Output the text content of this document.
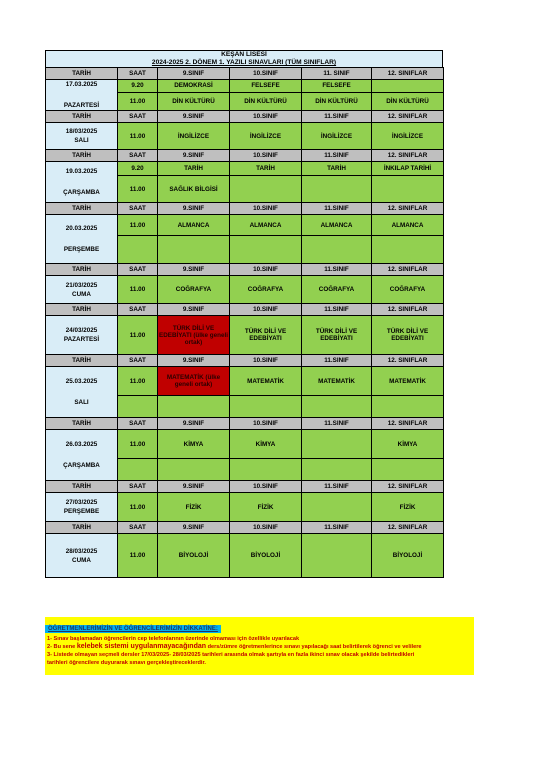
KEŞAN LİSESİ
2024-2025 2. DÖNEM 1. YAZILI SINAVLARI (TÜM SINIFLAR)
TARİH	SAAT	9.SINIF	10.SINIF	11. SINIF	12. SINIFLAR

17.03.2025
PAZARTESİ	9.20	DEMOKRASİ	FELSEFE	FELSEFE	
	11.00	DİN KÜLTÜRÜ	DİN KÜLTÜRÜ	DİN KÜLTÜRÜ	DİN KÜLTÜRÜ
TARİH	SAAT	9.SINIF	10.SINIF	11.SINIF	12. SINIFLAR

18/03/2025
SALI	11.00	İNGİLİZCE	İNGİLİZCE	İNGİLİZCE	İNGİLİZCE
TARİH	SAAT	9.SINIF	10.SINIF	11.SINIF	12. SINIFLAR

19.03.2025
ÇARŞAMBA	9.20	TARİH	TARİH	TARİH	İNKILAP TARİHİ
	11.00	SAĞLIK BİLGİSİ			
TARİH	SAAT	9.SINIF	10.SINIF	11.SINIF	12. SINIFLAR

20.03.2025
PERŞEMBE	11.00	ALMANCA	ALMANCA	ALMANCA	ALMANCA

TARİH	SAAT	9.SINIF	10.SINIF	11.SINIF	12. SINIFLAR

21/03/2025
CUMA	11.00	COĞRAFYA	COĞRAFYA	COĞRAFYA	COĞRAFYA
TARİH	SAAT	9.SINIF	10.SINIF	11.SINIF	12. SINIFLAR

24/03/2025
PAZARTESİ	11.00	TÜRK DİLİ VE EDEBİYATI (ülke geneli ortak)	TÜRK DİLİ VE EDEBİYATI	TÜRK DİLİ VE EDEBİYATI	TÜRK DİLİ VE EDEBİYATI
TARİH	SAAT	9.SINIF	10.SINIF	11.SINIF	12. SINIFLAR

25.03.2025
SALI	11.00	MATEMATİK (ülke geneli ortak)	MATEMATİK	MATEMATİK	MATEMATİK

TARİH	SAAT	9.SINIF	10.SINIF	11.SINIF	12. SINIFLAR

26.03.2025
ÇARŞAMBA	11.00	KİMYA	KİMYA		KİMYA

TARİH	SAAT	9.SINIF	10.SINIF	11.SINIF	12. SINIFLAR

27/03/2025
PERŞEMBE	11.00	FİZİK	FİZİK		FİZİK
TARİH	SAAT	9.SINIF	10.SINIF	11.SINIF	12. SINIFLAR

28/03/2025
CUMA	11.00	BİYOLOJİ	BİYOLOJİ		BİYOLOJİ
ÖĞRETMENLERİMİZİN VE ÖĞRENCİLERİMİZİN DİKKATİNE:
1- Sınav başlamadan öğrencilerin cep telefonlarının üzerinde olmaması için özellikle uyarılacak
2- Bu sene kelebek sistemi uygulanmayacağından ders/zümre öğretmenlerince sınavı yapılacağı saat belirtilerek öğrenci ve velilere
3- Listede olmayan seçmeli dersler 17/03/2025- 28/03/2025 tarihleri arasında olmak şartıyla en fazla ikinci sınav olacak şekilde belirtedikleri
tarihleri öğrencilere duyurarak sınavı gerçekleştireceklerdir.
